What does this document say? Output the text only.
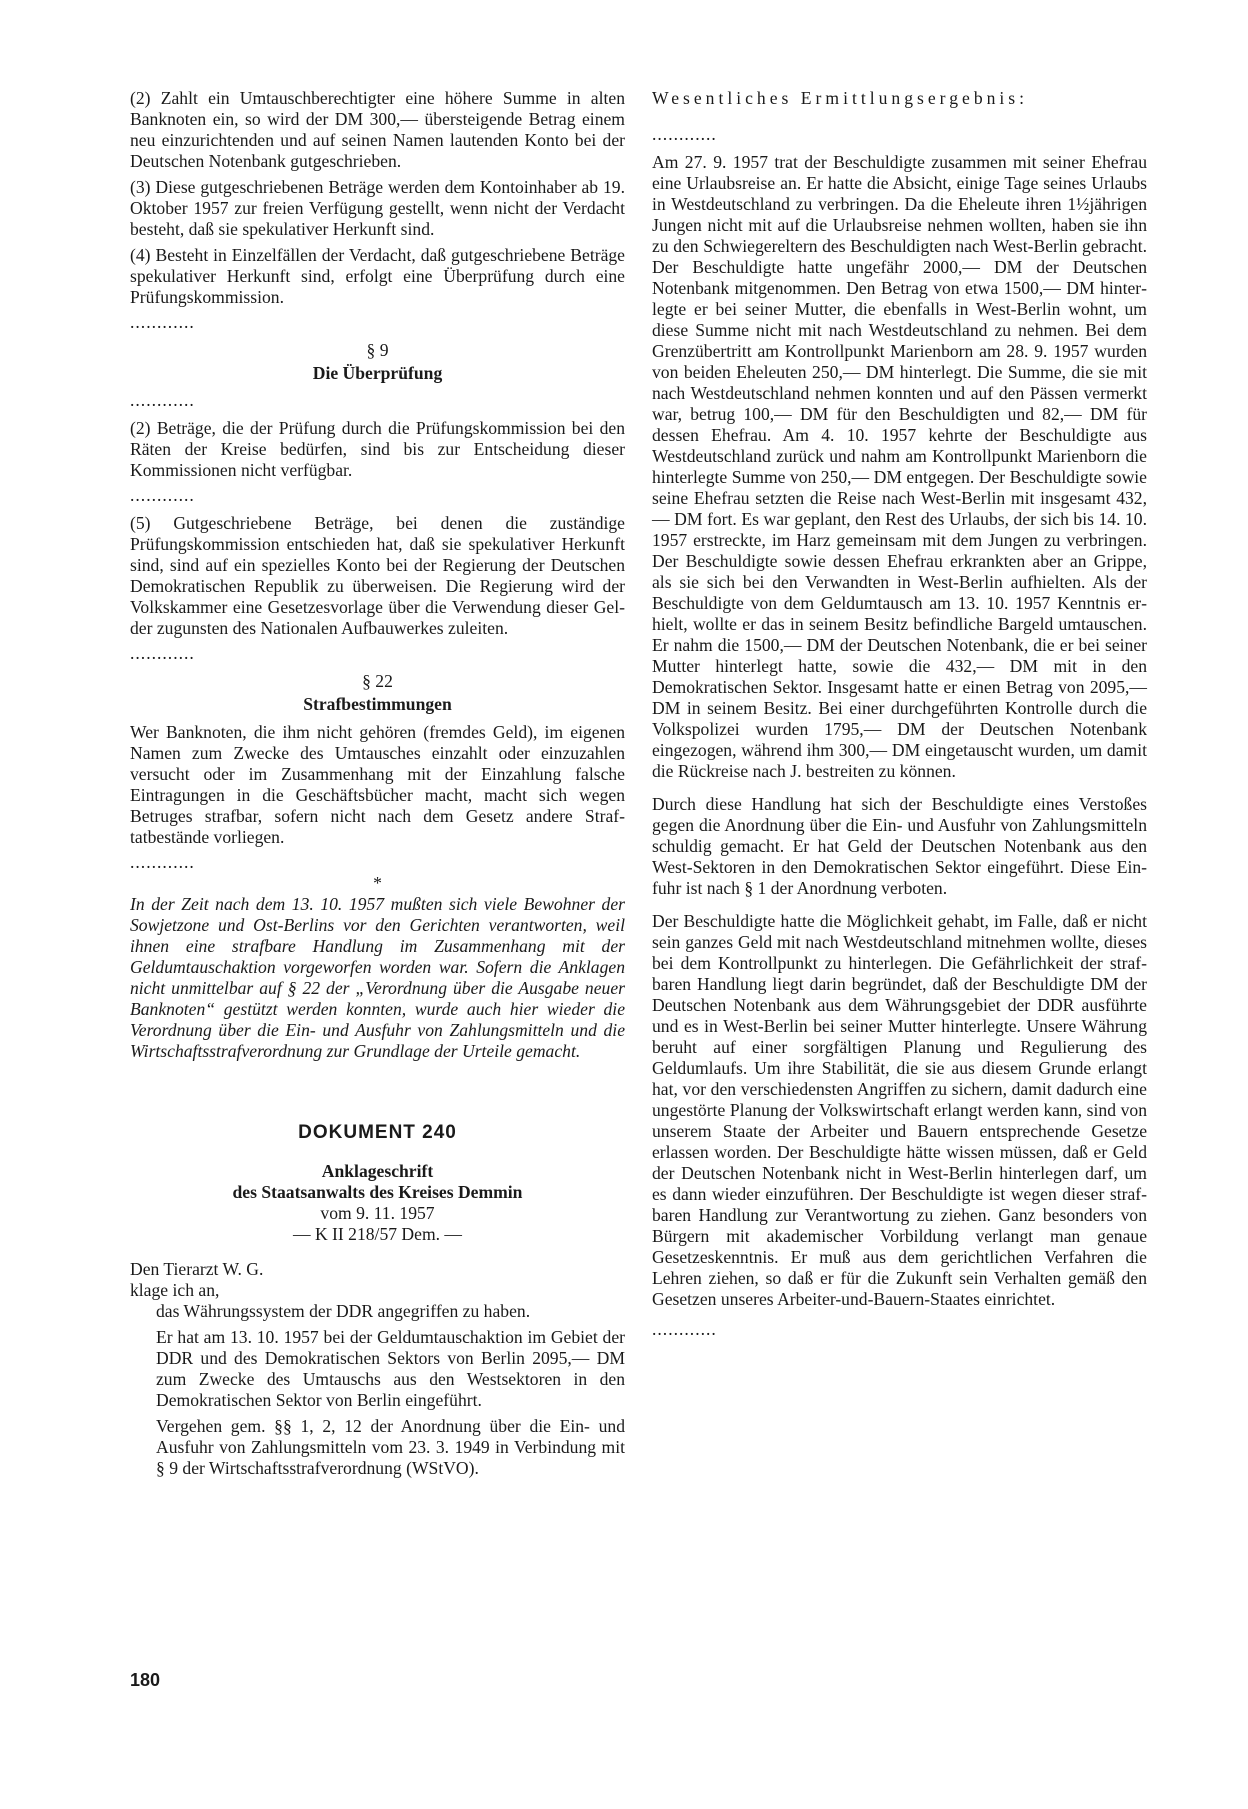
(2) Zahlt ein Umtauschberechtigter eine höhere Summe in alten Banknoten ein, so wird der DM 300,— übersteigende Betrag einem neu einzurichtenden und auf seinen Namen lautenden Konto bei der Deutschen Notenbank gutgeschrieben.

(3) Diese gutgeschriebenen Beträge werden dem Kontoinhaber ab 19. Oktober 1957 zur freien Verfügung gestellt, wenn nicht der Verdacht besteht, daß sie spekulativer Herkunft sind.

(4) Besteht in Einzelfällen der Verdacht, daß gutgeschriebene Beträge spekulativer Herkunft sind, erfolgt eine Überprüfung durch eine Prüfungskommission.

............
§ 9
Die Überprüfung
............

(2) Beträge, die der Prüfung durch die Prüfungskommission bei den Räten der Kreise bedürfen, sind bis zur Entscheidung dieser Kommissionen nicht verfügbar.

............

(5) Gutgeschriebene Beträge, bei denen die zuständige Prüfungskommission entschieden hat, daß sie spekulativer Herkunft sind, sind auf ein spezielles Konto bei der Regierung der Deutschen Demokratischen Republik zu überweisen. Die Regierung wird der Volkskammer eine Gesetzesvorlage über die Verwendung dieser Gelder zugunsten des Nationalen Aufbauwerkes zuleiten.

............
§ 22
Strafbestimmungen

Wer Banknoten, die ihm nicht gehören (fremdes Geld), im eigenen Namen zum Zwecke des Umtausches einzahlt oder einzuzahlen versucht oder im Zusammenhang mit der Einzahlung falsche Eintragungen in die Geschäftsbücher macht, macht sich wegen Betruges strafbar, sofern nicht nach dem Gesetz andere Straftatbestände vorliegen.

............
*

In der Zeit nach dem 13. 10. 1957 mußten sich viele Bewohner der Sowjetzone und Ost-Berlins vor den Gerichten verantworten, weil ihnen eine strafbare Handlung im Zusammenhang mit der Geldumtauschaktion vorgeworfen worden war. Sofern die Anklagen nicht unmittelbar auf § 22 der „Verordnung über die Ausgabe neuer Banknoten“ gestützt werden konnten, wurde auch hier wieder die Verordnung über die Ein- und Ausfuhr von Zahlungsmitteln und die Wirtschaftsstrafverordnung zur Grundlage der Urteile gemacht.

DOKUMENT 240

Anklageschrift

des Staatsanwalts des Kreises Demmin

vom 9. 11. 1957

— K II 218/57 Dem. —

Den Tierarzt W. G.

klage ich an,

das Währungssystem der DDR angegriffen zu haben.

Er hat am 13. 10. 1957 bei der Geldumtauschaktion im Gebiet der DDR und des Demokratischen Sektors von Berlin 2095,— DM zum Zwecke des Umtauschs aus den Westsektoren in den Demokratischen Sektor von Berlin eingeführt.

Vergehen gem. §§ 1, 2, 12 der Anordnung über die Ein- und Ausfuhr von Zahlungsmitteln vom 23. 3. 1949 in Verbindung mit § 9 der Wirtschaftsstrafverordnung (WStVO).

Wesentliches Ermittlungsergebnis:
............

Am 27. 9. 1957 trat der Beschuldigte zusammen mit seiner Ehefrau eine Urlaubsreise an. Er hatte die Absicht, einige Tage seines Urlaubs in Westdeutschland zu verbringen. Da die Eheleute ihren 1½jährigen Jungen nicht mit auf die Urlaubsreise nehmen wollten, haben sie ihn zu den Schwiegereltern des Beschuldigten nach West-Berlin gebracht. Der Beschuldigte hatte ungefähr 2000,— DM der Deutschen Notenbank mitgenommen. Den Betrag von etwa 1500,— DM hinterlegte er bei seiner Mutter, die ebenfalls in West-Berlin wohnt, um diese Summe nicht mit nach Westdeutschland zu nehmen. Bei dem Grenzübertritt am Kontrollpunkt Marienborn am 28. 9. 1957 wurden von beiden Eheleuten 250,— DM hinterlegt. Die Summe, die sie mit nach Westdeutschland nehmen konnten und auf den Pässen vermerkt war, betrug 100,— DM für den Beschuldigten und 82,— DM für dessen Ehefrau. Am 4. 10. 1957 kehrte der Beschuldigte aus Westdeutschland zurück und nahm am Kontrollpunkt Marienborn die hinterlegte Summe von 250,— DM entgegen. Der Beschuldigte sowie seine Ehefrau setzten die Reise nach West-Berlin mit insgesamt 432,— DM fort. Es war geplant, den Rest des Urlaubs, der sich bis 14. 10. 1957 erstreckte, im Harz gemeinsam mit dem Jungen zu verbringen. Der Beschuldigte sowie dessen Ehefrau erkrankten aber an Grippe, als sie sich bei den Verwandten in West-Berlin aufhielten. Als der Beschuldigte von dem Geldumtausch am 13. 10. 1957 Kenntnis erhielt, wollte er das in seinem Besitz befindliche Bargeld umtauschen. Er nahm die 1500,— DM der Deutschen Notenbank, die er bei seiner Mutter hinterlegt hatte, sowie die 432,— DM mit in den Demokratischen Sektor. Insgesamt hatte er einen Betrag von 2095,— DM in seinem Besitz. Bei einer durchgeführten Kontrolle durch die Volkspolizei wurden 1795,— DM der Deutschen Notenbank eingezogen, während ihm 300,— DM eingetauscht wurden, um damit die Rückreise nach J. bestreiten zu können.

Durch diese Handlung hat sich der Beschuldigte eines Verstoßes gegen die Anordnung über die Ein- und Ausfuhr von Zahlungsmitteln schuldig gemacht. Er hat Geld der Deutschen Notenbank aus den West-Sektoren in den Demokratischen Sektor eingeführt. Diese Einfuhr ist nach § 1 der Anordnung verboten.

Der Beschuldigte hatte die Möglichkeit gehabt, im Falle, daß er nicht sein ganzes Geld mit nach Westdeutschland mitnehmen wollte, dieses bei dem Kontrollpunkt zu hinterlegen. Die Gefährlichkeit der strafbaren Handlung liegt darin begründet, daß der Beschuldigte DM der Deutschen Notenbank aus dem Währungsgebiet der DDR ausführte und es in West-Berlin bei seiner Mutter hinterlegte. Unsere Währung beruht auf einer sorgfältigen Planung und Regulierung des Geldumlaufs. Um ihre Stabilität, die sie aus diesem Grunde erlangt hat, vor den verschiedensten Angriffen zu sichern, damit dadurch eine ungestörte Planung der Volkswirtschaft erlangt werden kann, sind von unserem Staate der Arbeiter und Bauern entsprechende Gesetze erlassen worden. Der Beschuldigte hätte wissen müssen, daß er Geld der Deutschen Notenbank nicht in West-Berlin hinterlegen darf, um es dann wieder einzuführen. Der Beschuldigte ist wegen dieser strafbaren Handlung zur Verantwortung zu ziehen. Ganz besonders von Bürgern mit akademischer Vorbildung verlangt man genaue Gesetzeskenntnis. Er muß aus dem gerichtlichen Verfahren die Lehren ziehen, so daß er für die Zukunft sein Verhalten gemäß den Gesetzen unseres Arbeiter-und-Bauern-Staates einrichtet.

............
180
